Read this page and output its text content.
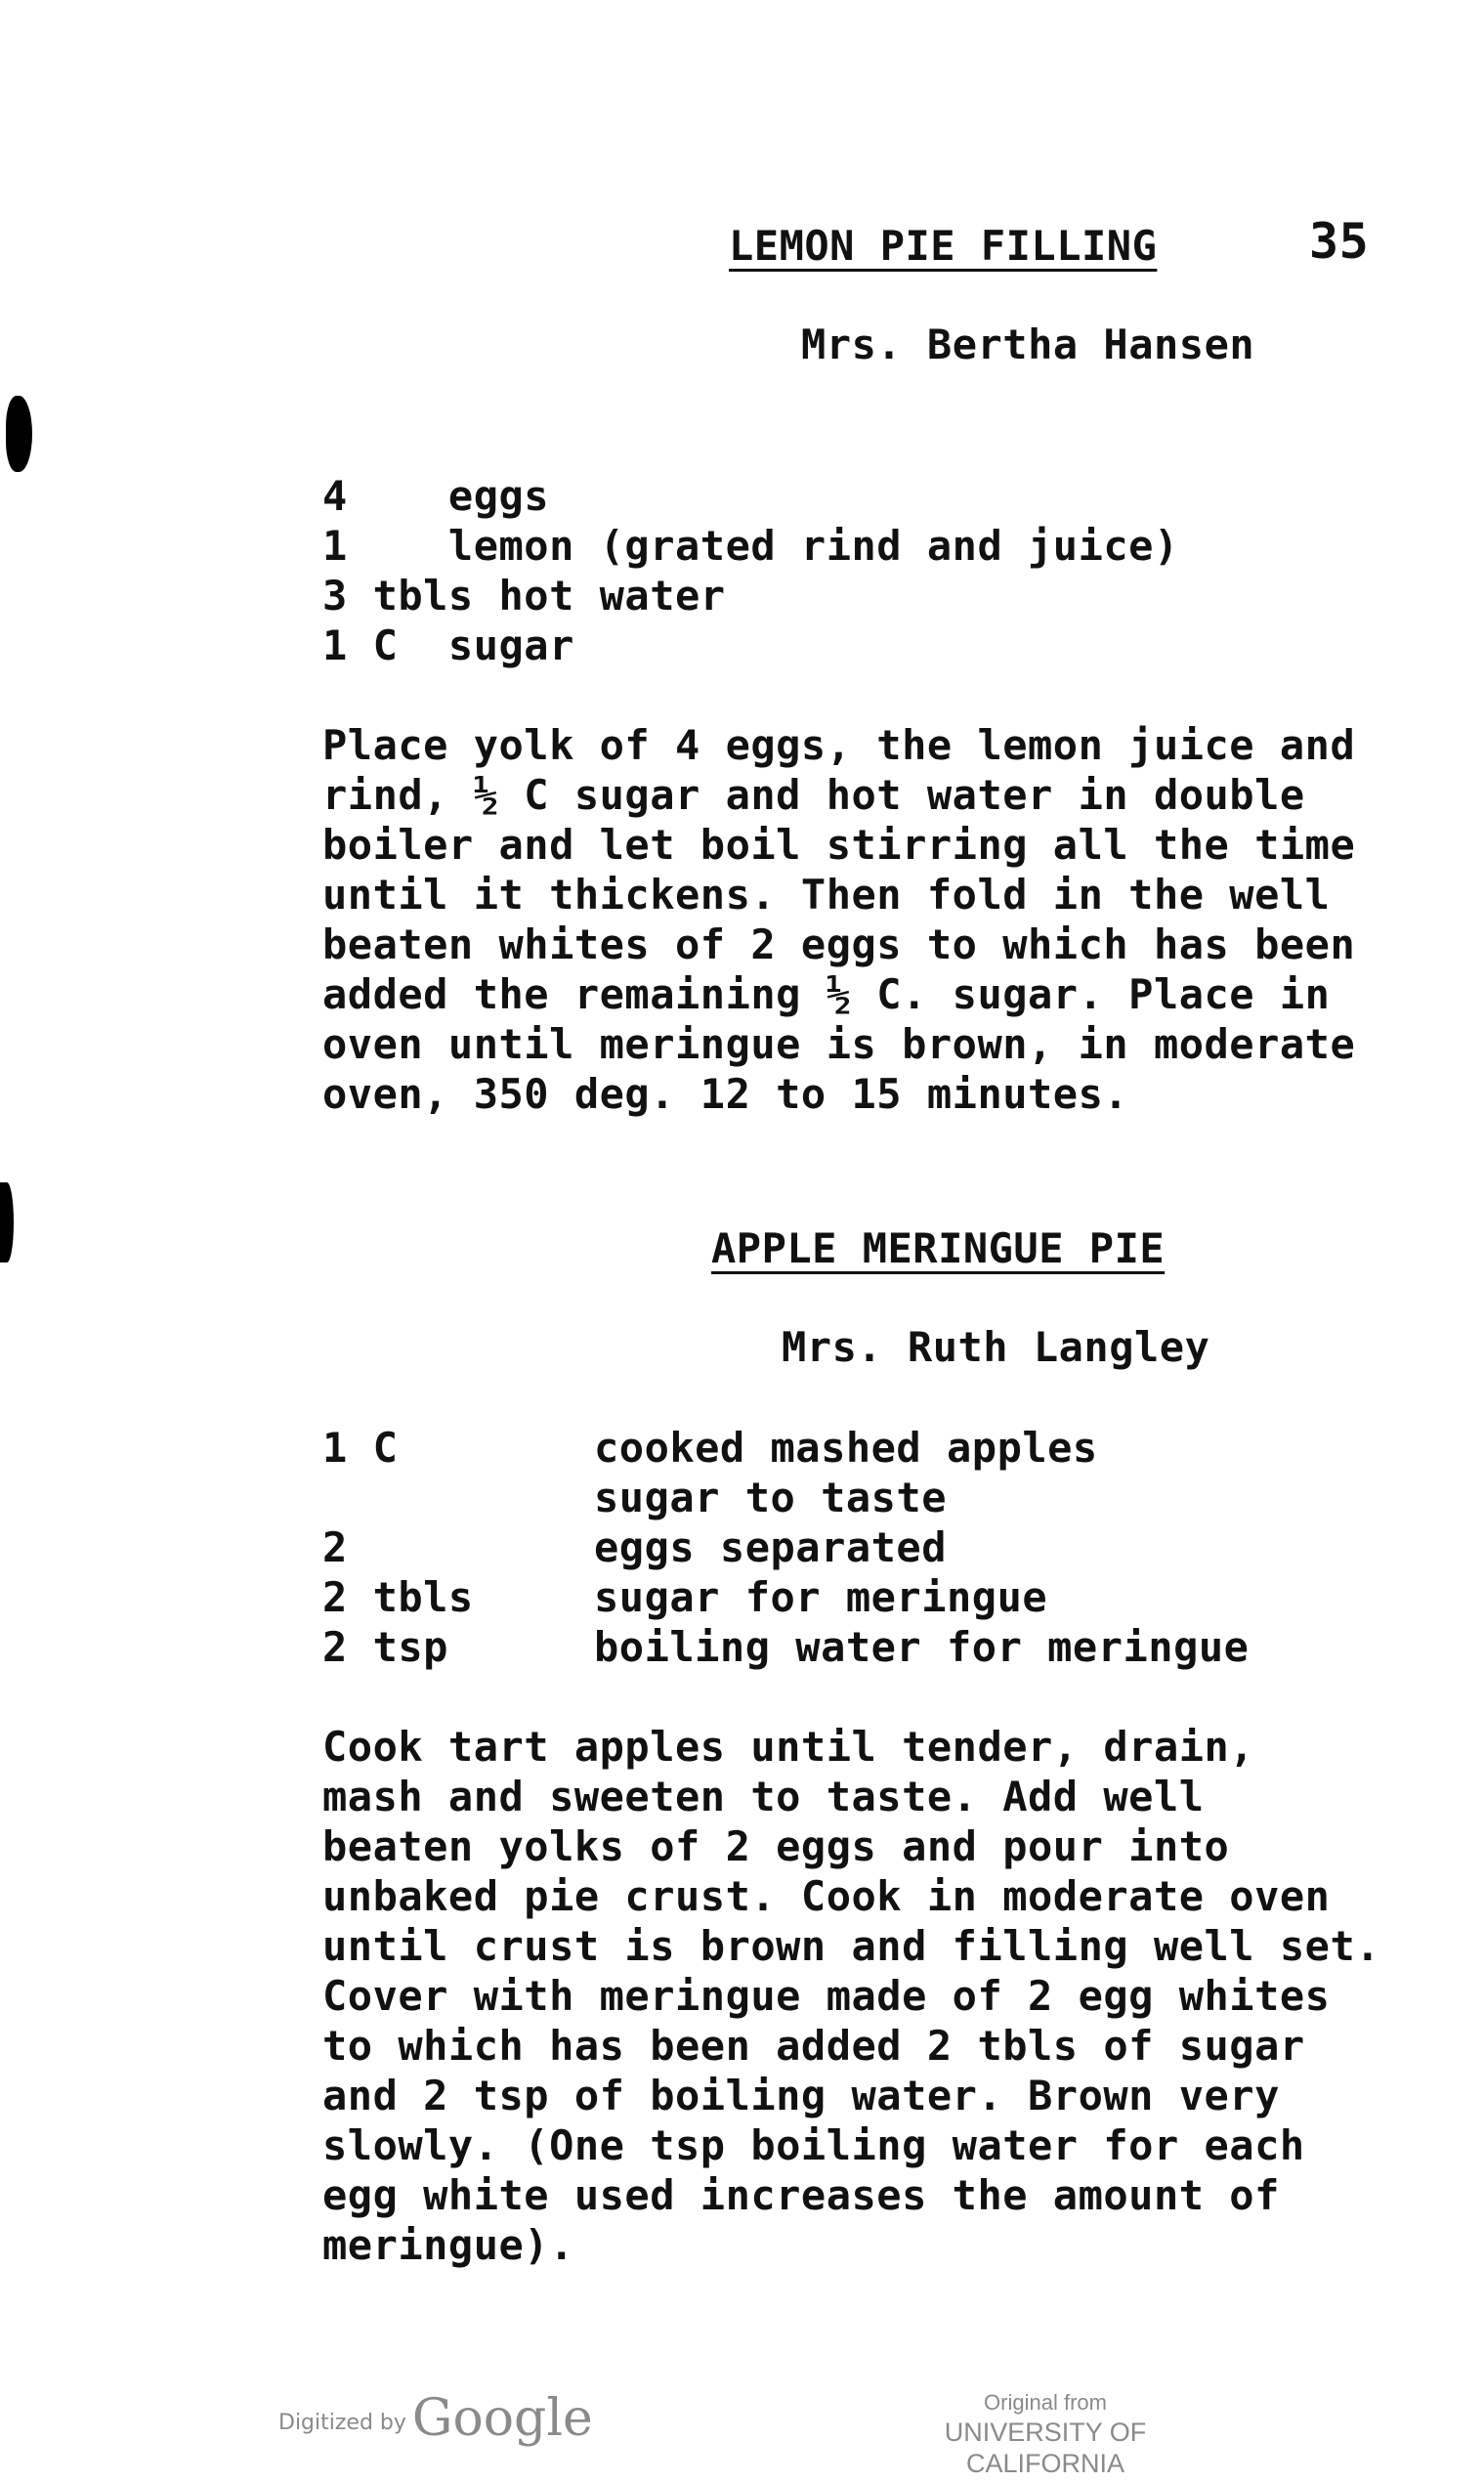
LEMON PIE FILLING	35
Mrs. Bertha Hansen
4    eggs
1    lemon (grated rind and juice)
3 tbls hot water
1 C  sugar
Place yolk of 4 eggs, the lemon juice and
rind, ½ C sugar and hot water in double
boiler and let boil stirring all the time
until it thickens. Then fold in the well
beaten whites of 2 eggs to which has been
added the remaining ½ C. sugar. Place in
oven until meringue is brown, in moderate
oven, 350 deg. 12 to 15 minutes.
APPLE MERINGUE PIE
Mrs. Ruth Langley
1 C	cooked mashed apples
sugar to taste
2	eggs separated
2 tbls	sugar for meringue
2 tsp	boiling water for meringue
Cook tart apples until tender, drain,
mash and sweeten to taste. Add well
beaten yolks of 2 eggs and pour into
unbaked pie crust. Cook in moderate oven
until crust is brown and filling well set.
Cover with meringue made of 2 egg whites
to which has been added 2 tbls of sugar
and 2 tsp of boiling water. Brown very
slowly. (One tsp boiling water for each
egg white used increases the amount of
meringue).
Digitized by Google	Original from
UNIVERSITY OF CALIFORNIA
